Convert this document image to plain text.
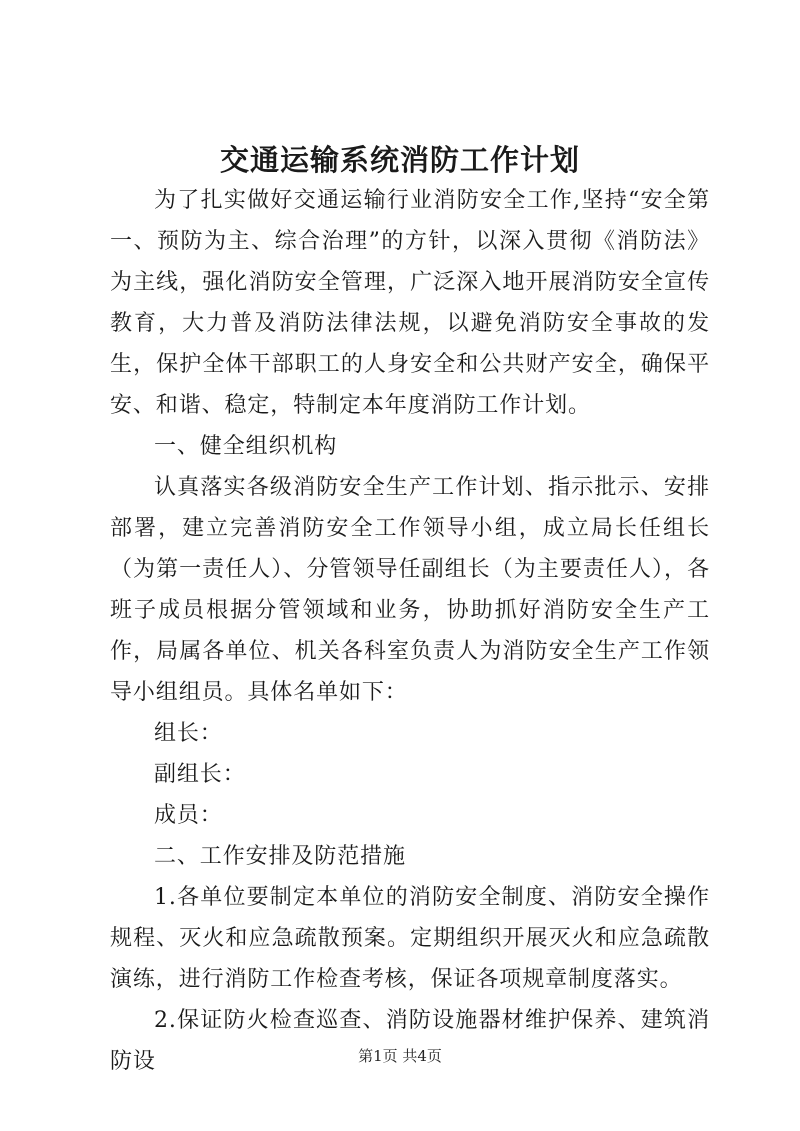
交通运输系统消防工作计划

为了扎实做好交通运输行业消防安全工作,坚持“安全第一、预防为主、综合治理”的方针，以深入贯彻《消防法》为主线，强化消防安全管理，广泛深入地开展消防安全宣传教育，大力普及消防法律法规，以避免消防安全事故的发生，保护全体干部职工的人身安全和公共财产安全，确保平安、和谐、稳定，特制定本年度消防工作计划。

一、健全组织机构

认真落实各级消防安全生产工作计划、指示批示、安排部署，建立完善消防安全工作领导小组，成立局长任组长（为第一责任人）、分管领导任副组长（为主要责任人），各班子成员根据分管领域和业务，协助抓好消防安全生产工作，局属各单位、机关各科室负责人为消防安全生产工作领导小组组员。具体名单如下：

组长：

副组长：

成员：

二、工作安排及防范措施

1.各单位要制定本单位的消防安全制度、消防安全操作规程、灭火和应急疏散预案。定期组织开展灭火和应急疏散演练，进行消防工作检查考核，保证各项规章制度落实。

2.保证防火检查巡查、消防设施器材维护保养、建筑消防设	第1页 共4页
